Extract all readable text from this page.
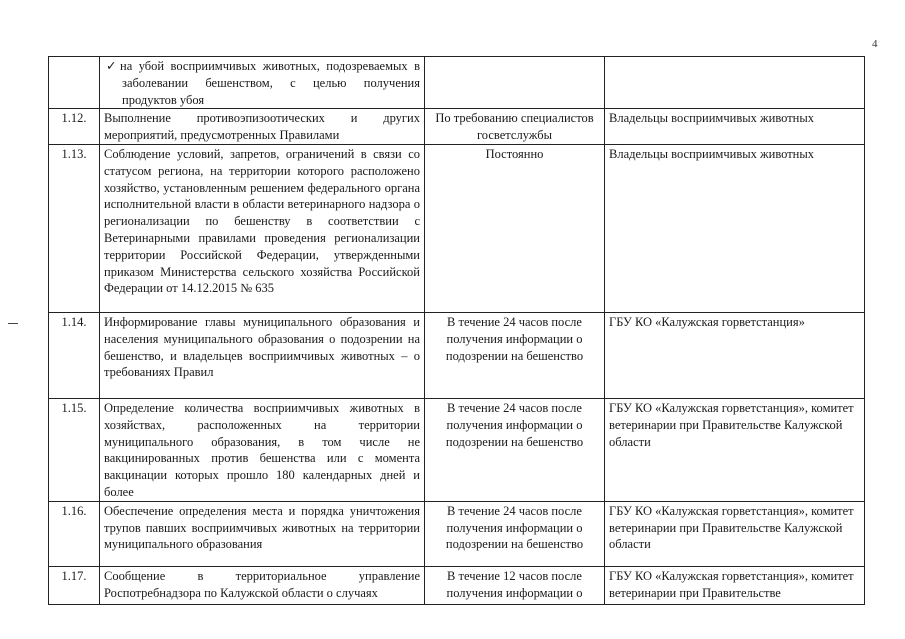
4

	✓ на убой восприимчивых животных, подозреваемых в заболевании бешенством, с целью получения продуктов убоя		

1.12.	Выполнение противоэпизоотических и других мероприятий, предусмотренных Правилами	По требованию специалистов госветслужбы	Владельцы восприимчивых животных
1.13.	Соблюдение условий, запретов, ограничений в связи со статусом региона, на территории которого расположено хозяйство, установленным решением федерального органа исполнительной власти в области ветеринарного надзора о регионализации по бешенству в соответствии с Ветеринарными правилами проведения регионализации территории Российской Федерации, утвержденными приказом Министерства сельского хозяйства Российской Федерации от 14.12.2015 № 635	Постоянно	Владельцы восприимчивых животных
1.14.	Информирование главы муниципального образования и населения муниципального образования о подозрении на бешенство, и владельцев восприимчивых животных – о требованиях Правил	В течение 24 часов после получения информации о подозрении на бешенство	ГБУ КО «Калужская горветстанция»
1.15.	Определение количества восприимчивых животных в хозяйствах, расположенных на территории муниципального образования, в том числе не вакцинированных против бешенства или с момента вакцинации которых прошло 180 календарных дней и более	В течение 24 часов после получения информации о подозрении на бешенство	ГБУ КО «Калужская горветстанция», комитет ветеринарии при Правительстве Калужской области
1.16.	Обеспечение определения места и порядка уничтожения трупов павших восприимчивых животных на территории муниципального образования	В течение 24 часов после получения информации о подозрении на бешенство	ГБУ КО «Калужская горветстанция», комитет ветеринарии при Правительстве Калужской области
1.17.	Сообщение в территориальное управление Роспотребнадзора по Калужской области о случаях	В течение 12 часов после получения информации о	ГБУ КО «Калужская горветстанция», комитет ветеринарии при Правительстве
